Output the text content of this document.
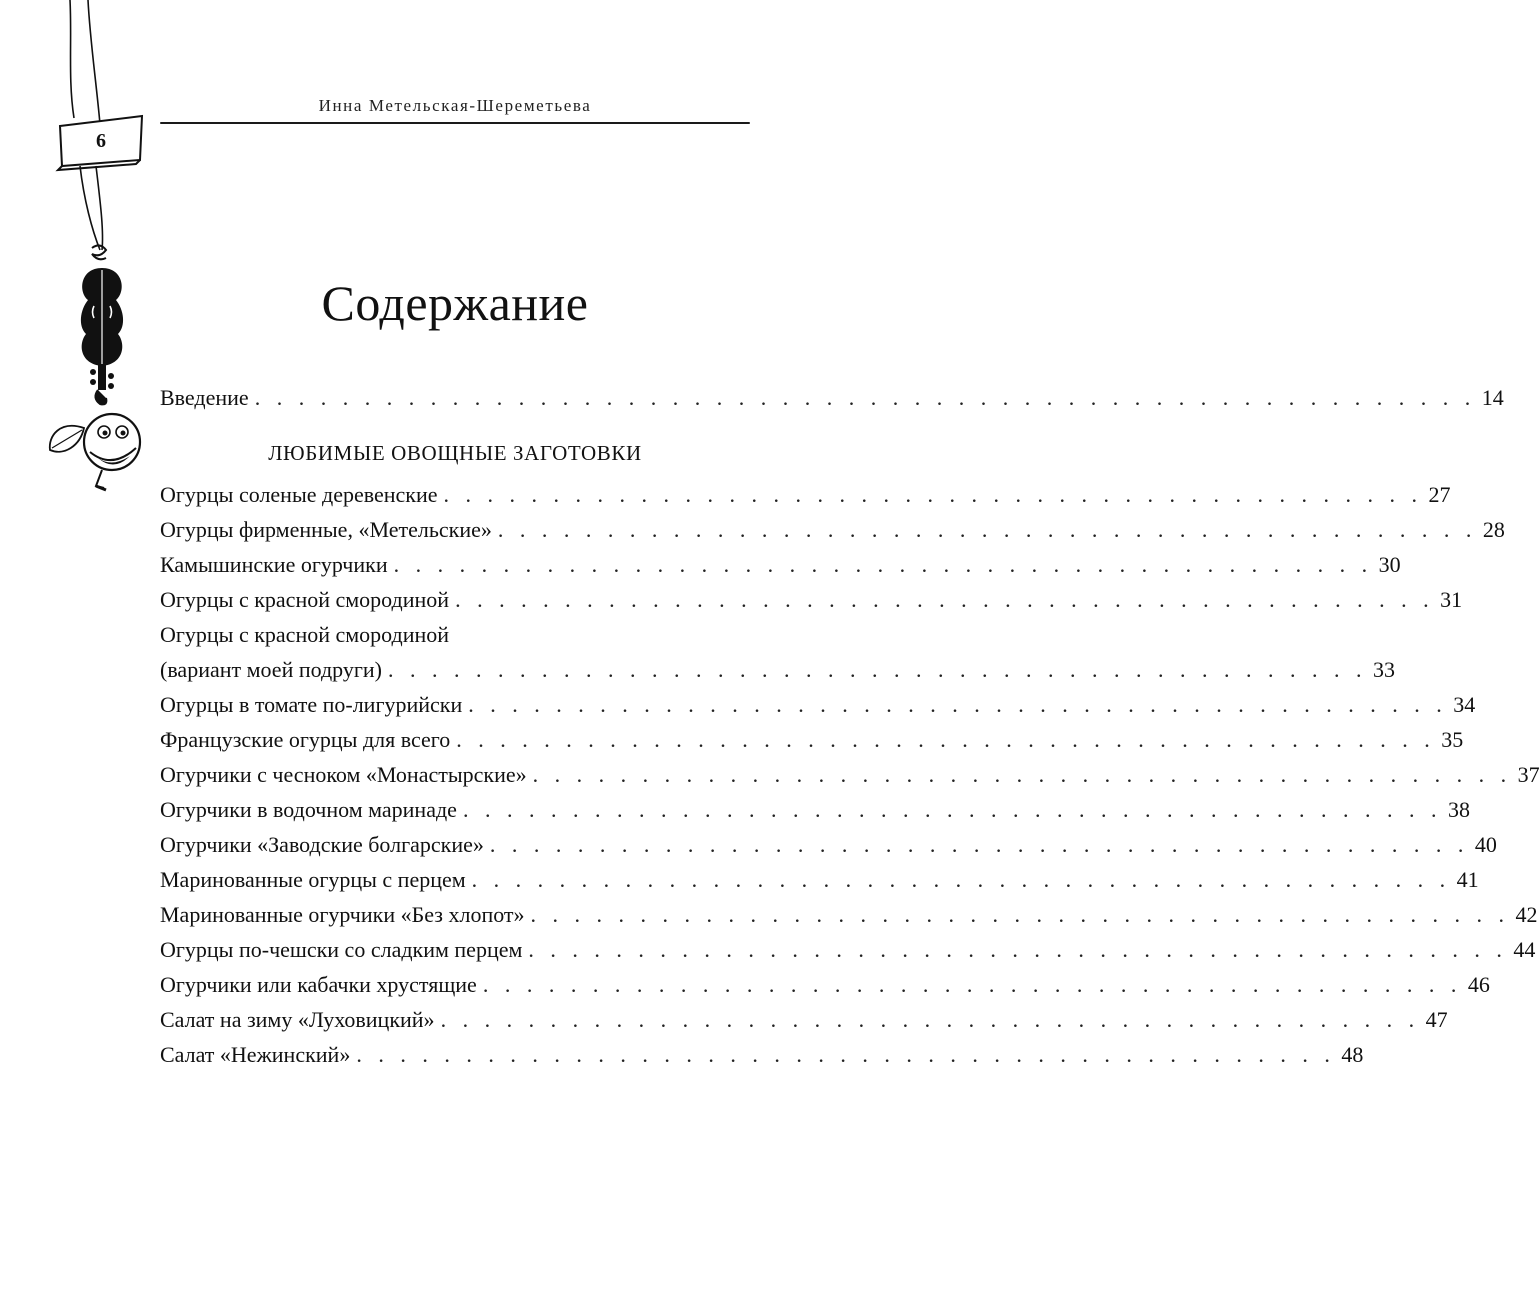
6
Инна Метельская-Шереметьева
Содержание
Введение . . . . . . . . . . . . . . . . . . . . . . . . . . . . . . . . . . . . . . . . . . . . . . . . . . . . . . . . 14
ЛЮБИМЫЕ ОВОЩНЫЕ ЗАГОТОВКИ
Огурцы соленые деревенские . . . . . . . . . . . . . . . . . . . . . . . . . . . . . . . . . . . . . . . . . . . . . 27
Огурцы фирменные, «Метельские» . . . . . . . . . . . . . . . . . . . . . . . . . . . . . . . . . . . . . . . . . . . . . 28
Камышинские огурчики . . . . . . . . . . . . . . . . . . . . . . . . . . . . . . . . . . . . . . . . . . . . . 30
Огурцы с красной смородиной . . . . . . . . . . . . . . . . . . . . . . . . . . . . . . . . . . . . . . . . . . . . . 31
Огурцы с красной смородиной
(вариант моей подруги) . . . . . . . . . . . . . . . . . . . . . . . . . . . . . . . . . . . . . . . . . . . . . 33
Огурцы в томате по-лигурийски . . . . . . . . . . . . . . . . . . . . . . . . . . . . . . . . . . . . . . . . . . . . . 34
Французские огурцы для всего . . . . . . . . . . . . . . . . . . . . . . . . . . . . . . . . . . . . . . . . . . . . . 35
Огурчики с чесноком «Монастырские» . . . . . . . . . . . . . . . . . . . . . . . . . . . . . . . . . . . . . . . . . . . . . 37
Огурчики в водочном маринаде . . . . . . . . . . . . . . . . . . . . . . . . . . . . . . . . . . . . . . . . . . . . . 38
Огурчики «Заводские болгарские» . . . . . . . . . . . . . . . . . . . . . . . . . . . . . . . . . . . . . . . . . . . . . 40
Маринованные огурцы с перцем . . . . . . . . . . . . . . . . . . . . . . . . . . . . . . . . . . . . . . . . . . . . . 41
Маринованные огурчики «Без хлопот» . . . . . . . . . . . . . . . . . . . . . . . . . . . . . . . . . . . . . . . . . . . . . 42
Огурцы по-чешски со сладким перцем . . . . . . . . . . . . . . . . . . . . . . . . . . . . . . . . . . . . . . . . . . . . . 44
Огурчики или кабачки хрустящие . . . . . . . . . . . . . . . . . . . . . . . . . . . . . . . . . . . . . . . . . . . . . 46
Салат на зиму «Луховицкий» . . . . . . . . . . . . . . . . . . . . . . . . . . . . . . . . . . . . . . . . . . . . . 47
Салат «Нежинский» . . . . . . . . . . . . . . . . . . . . . . . . . . . . . . . . . . . . . . . . . . . . . 48
